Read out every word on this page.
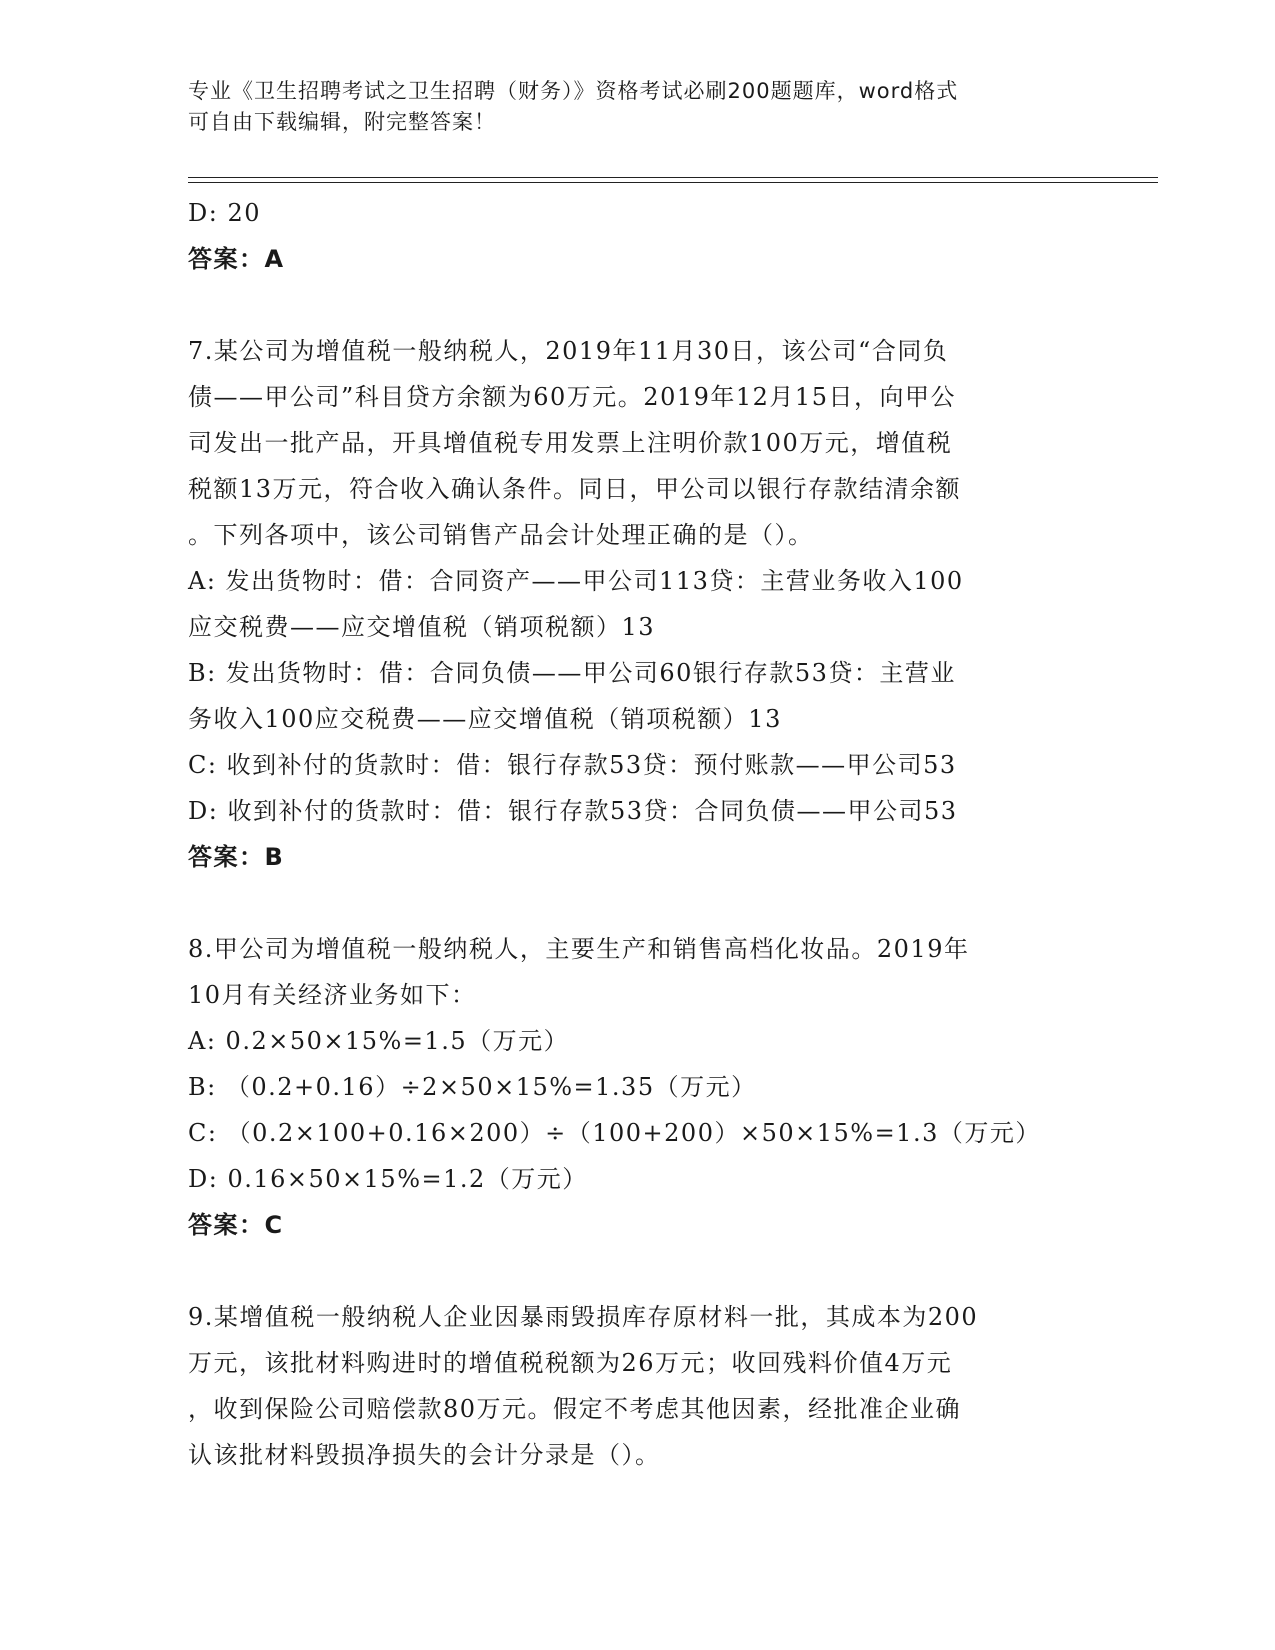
专业《卫生招聘考试之卫生招聘（财务）》资格考试必刷200题题库，word格式
可自由下载编辑，附完整答案！
D: 20
答案：A
7.某公司为增值税一般纳税人，2019年11月30日，该公司“合同负
债——甲公司”科目贷方余额为60万元。2019年12月15日，向甲公
司发出一批产品，开具增值税专用发票上注明价款100万元，增值税
税额13万元，符合收入确认条件。同日，甲公司以银行存款结清余额
。下列各项中，该公司销售产品会计处理正确的是（）。
A: 发出货物时：借：合同资产——甲公司113贷：主营业务收入100
应交税费——应交增值税（销项税额）13
B: 发出货物时：借：合同负债——甲公司60银行存款53贷：主营业
务收入100应交税费——应交增值税（销项税额）13
C: 收到补付的货款时：借：银行存款53贷：预付账款——甲公司53
D: 收到补付的货款时：借：银行存款53贷：合同负债——甲公司53
答案：B
8.甲公司为增值税一般纳税人，主要生产和销售高档化妆品。2019年
10月有关经济业务如下：
A: 0.2×50×15%=1.5（万元）
B: （0.2+0.16）÷2×50×15%=1.35（万元）
C: （0.2×100+0.16×200）÷（100+200）×50×15%=1.3（万元）
D: 0.16×50×15%=1.2（万元）
答案：C
9.某增值税一般纳税人企业因暴雨毁损库存原材料一批，其成本为200
万元，该批材料购进时的增值税税额为26万元；收回残料价值4万元
，收到保险公司赔偿款80万元。假定不考虑其他因素，经批准企业确
认该批材料毁损净损失的会计分录是（）。
